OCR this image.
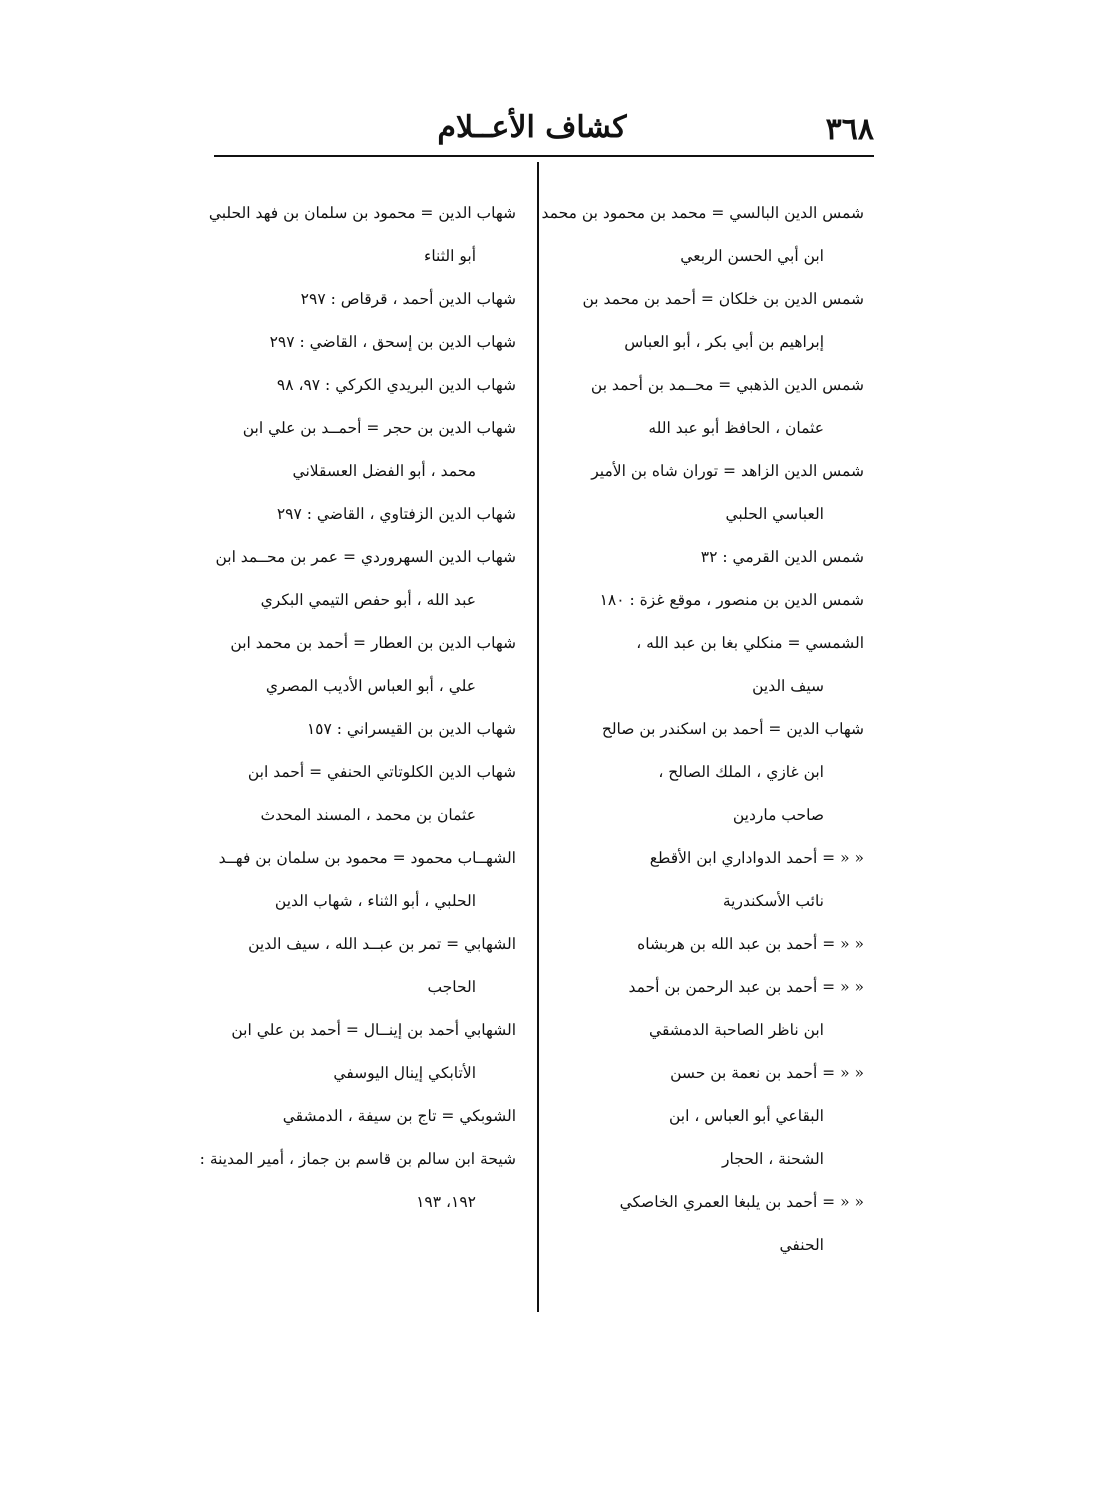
كشاف الأعــلام	٣٦٨
شمس الدين البالسي = محمد بن محمود بن محمد
ابن أبي الحسن الربعي
شمس الدين بن خلكان = أحمد بن محمد بن
إبراهيم بن أبي بكر ، أبو العباس
شمس الدين الذهبي = محــمد بن أحمد بن
عثمان ، الحافظ أبو عبد الله
شمس الدين الزاهد = توران شاه بن الأمير
العباسي الحلبي
شمس الدين القرمي : ٣٢
شمس الدين بن منصور ، موقع غزة : ١٨٠
الشمسي = منكلي بغا بن عبد الله ،
سيف الدين
شهاب الدين = أحمد بن اسكندر بن صالح
ابن غازي ، الملك الصالح ،
صاحب ماردين
« « = أحمد الدواداري ابن الأقطع
نائب الأسكندرية
« « = أحمد بن عبد الله بن هربشاه
« « = أحمد بن عبد الرحمن بن أحمد
ابن ناظر الصاحبة الدمشقي
« « = أحمد بن نعمة بن حسن
البقاعي أبو العباس ، ابن
الشحنة ، الحجار
« « = أحمد بن يلبغا العمري الخاصكي
الحنفي
شهاب الدين = محمود بن سلمان بن فهد الحلبي
أبو الثناء
شهاب الدين أحمد ، قرقاص : ٢٩٧
شهاب الدين بن إسحق ، القاضي : ٢٩٧
شهاب الدين البريدي الكركي : ٩٧، ٩٨
شهاب الدين بن حجر = أحمــد بن علي ابن
محمد ، أبو الفضل العسقلاني
شهاب الدين الزفتاوي ، القاضي : ٢٩٧
شهاب الدين السهروردي = عمر بن محــمد ابن
عبد الله ، أبو حفص التيمي البكري
شهاب الدين بن العطار = أحمد بن محمد ابن
علي ، أبو العباس الأديب المصري
شهاب الدين بن القيسراني : ١٥٧
شهاب الدين الكلوتاتي الحنفي = أحمد ابن
عثمان بن محمد ، المسند المحدث
الشهــاب محمود = محمود بن سلمان بن فهــد
الحلبي ، أبو الثناء ، شهاب الدين
الشهابي = تمر بن عبــد الله ، سيف الدين
الحاجب
الشهابي أحمد بن إينــال = أحمد بن علي ابن
الأتابكي إينال اليوسفي
الشوبكي = تاج بن سيفة ، الدمشقي
شيحة ابن سالم بن قاسم بن جماز ، أمير المدينة :
١٩٢، ١٩٣
